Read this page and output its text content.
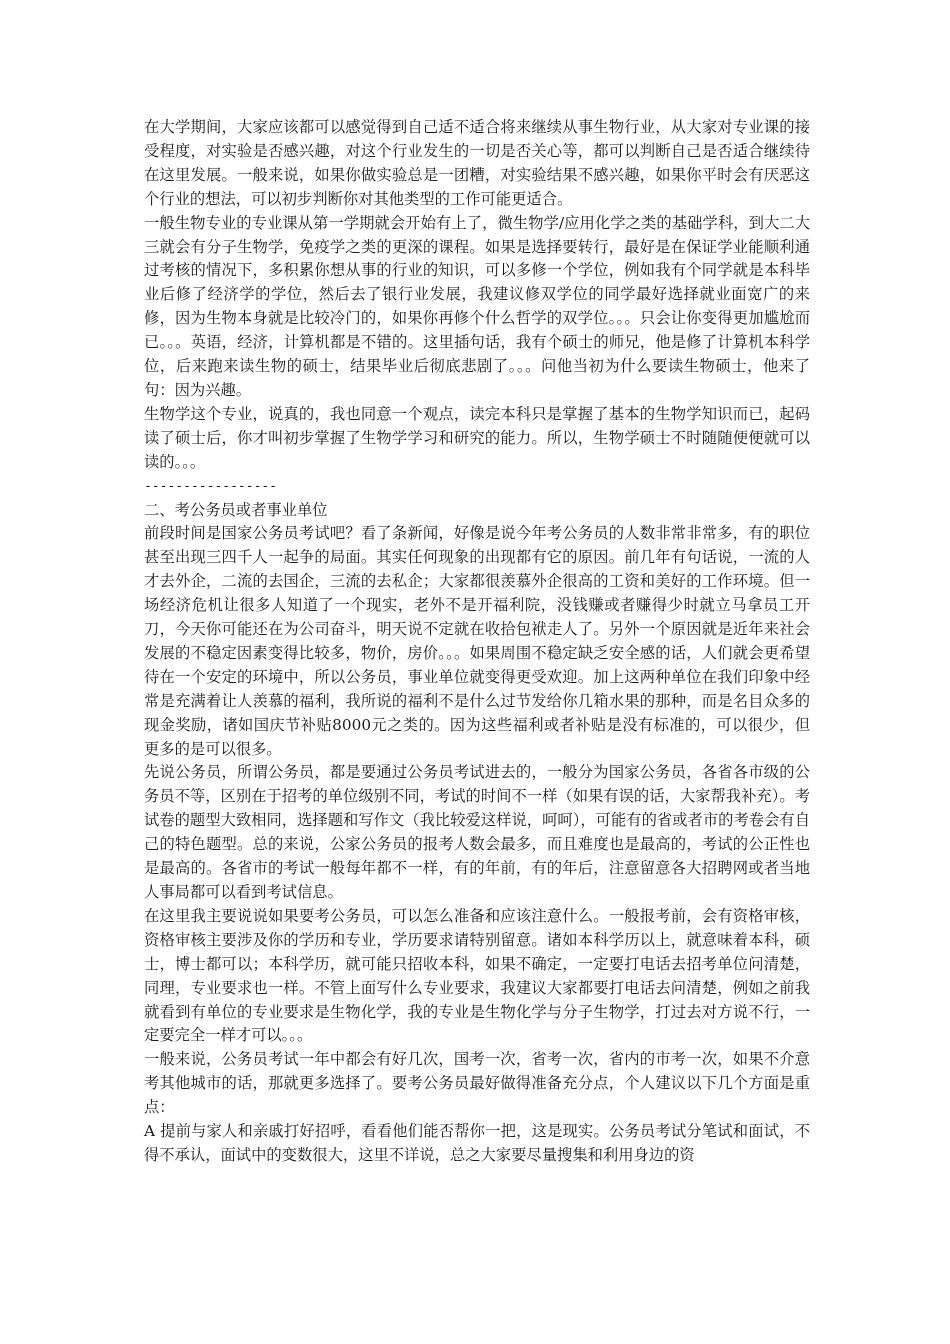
在大学期间，大家应该都可以感觉得到自己适不适合将来继续从事生物行业，从大家对专业课的接受程度，对实验是否感兴趣，对这个行业发生的一切是否关心等，都可以判断自己是否适合继续待在这里发展。一般来说，如果你做实验总是一团糟，对实验结果不感兴趣，如果你平时会有厌恶这个行业的想法，可以初步判断你对其他类型的工作可能更适合。

一般生物专业的专业课从第一学期就会开始有上了，微生物学/应用化学之类的基础学科，到大二大三就会有分子生物学，免疫学之类的更深的课程。如果是选择要转行，最好是在保证学业能顺利通过考核的情况下，多积累你想从事的行业的知识，可以多修一个学位，例如我有个同学就是本科毕业后修了经济学的学位，然后去了银行业发展，我建议修双学位的同学最好选择就业面宽广的来修，因为生物本身就是比较冷门的，如果你再修个什么哲学的双学位。。。只会让你变得更加尴尬而已。。。英语，经济，计算机都是不错的。这里插句话，我有个硕士的师兄，他是修了计算机本科学位，后来跑来读生物的硕士，结果毕业后彻底悲剧了。。。问他当初为什么要读生物硕士，他来了句：因为兴趣。

生物学这个专业，说真的，我也同意一个观点，读完本科只是掌握了基本的生物学知识而已，起码读了硕士后，你才叫初步掌握了生物学学习和研究的能力。所以，生物学硕士不时随随便便就可以读的。。。

-----------------

二、考公务员或者事业单位

前段时间是国家公务员考试吧？看了条新闻，好像是说今年考公务员的人数非常非常多，有的职位甚至出现三四千人一起争的局面。其实任何现象的出现都有它的原因。前几年有句话说，一流的人才去外企，二流的去国企，三流的去私企；大家都很羡慕外企很高的工资和美好的工作环境。但一场经济危机让很多人知道了一个现实，老外不是开福利院，没钱赚或者赚得少时就立马拿员工开刀，今天你可能还在为公司奋斗，明天说不定就在收拾包袱走人了。另外一个原因就是近年来社会发展的不稳定因素变得比较多，物价，房价。。。如果周围不稳定缺乏安全感的话，人们就会更希望待在一个安定的环境中，所以公务员，事业单位就变得更受欢迎。加上这两种单位在我们印象中经常是充满着让人羡慕的福利，我所说的福利不是什么过节发给你几箱水果的那种，而是名目众多的现金奖励，诸如国庆节补贴8000元之类的。因为这些福利或者补贴是没有标准的，可以很少，但更多的是可以很多。

先说公务员，所谓公务员，都是要通过公务员考试进去的，一般分为国家公务员，各省各市级的公务员不等，区别在于招考的单位级别不同，考试的时间不一样（如果有误的话，大家帮我补充）。考试卷的题型大致相同，选择题和写作文（我比较爱这样说，呵呵），可能有的省或者市的考卷会有自己的特色题型。总的来说，公家公务员的报考人数会最多，而且难度也是最高的，考试的公正性也是最高的。各省市的考试一般每年都不一样，有的年前，有的年后，注意留意各大招聘网或者当地人事局都可以看到考试信息。

在这里我主要说说如果要考公务员，可以怎么准备和应该注意什么。一般报考前，会有资格审核，资格审核主要涉及你的学历和专业，学历要求请特别留意。诸如本科学历以上，就意味着本科，硕士，博士都可以；本科学历，就可能只招收本科，如果不确定，一定要打电话去招考单位问清楚，同理，专业要求也一样。不管上面写什么专业要求，我建议大家都要打电话去问清楚，例如之前我就看到有单位的专业要求是生物化学，我的专业是生物化学与分子生物学，打过去对方说不行，一定要完全一样才可以。。。

一般来说，公务员考试一年中都会有好几次，国考一次，省考一次，省内的市考一次，如果不介意考其他城市的话，那就更多选择了。要考公务员最好做得准备充分点，个人建议以下几个方面是重点：

A 提前与家人和亲戚打好招呼，看看他们能否帮你一把，这是现实。公务员考试分笔试和面试，不得不承认，面试中的变数很大，这里不详说，总之大家要尽量搜集和利用身边的资
